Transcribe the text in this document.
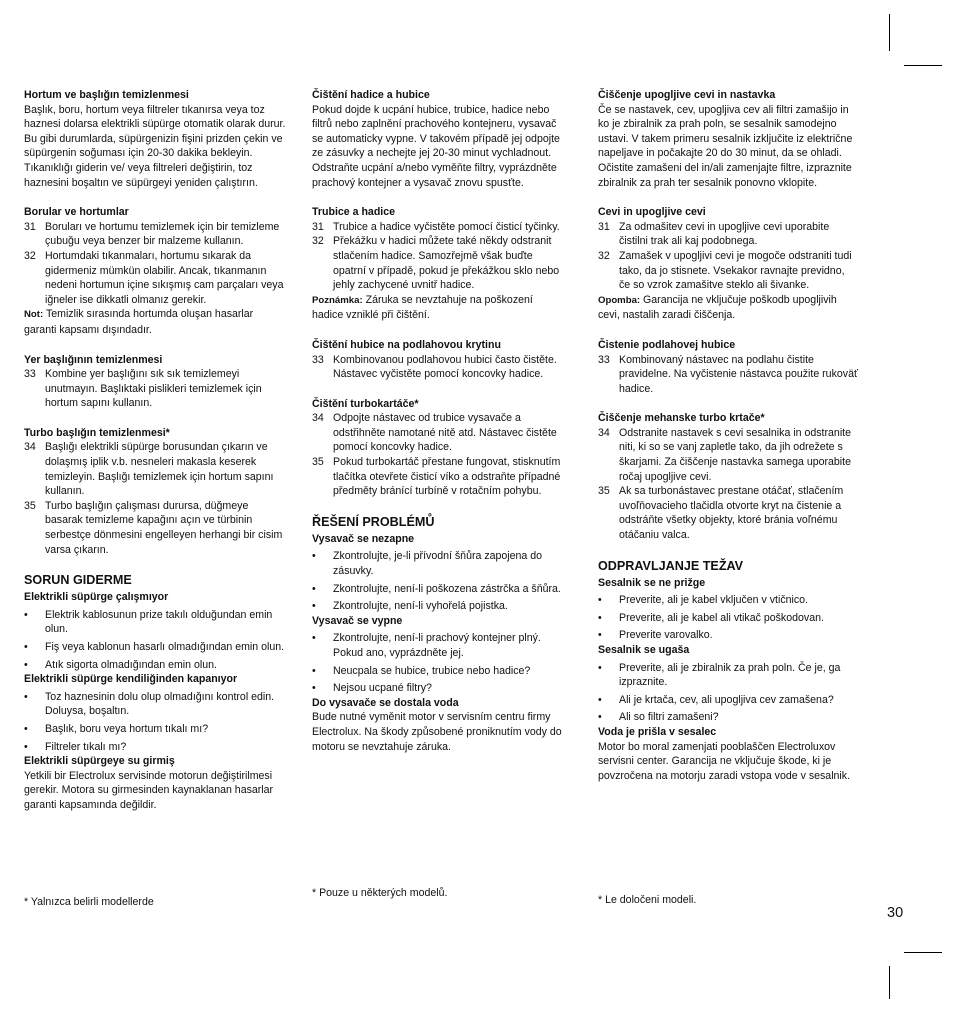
Hortum ve başlığın temizlenmesi
Başlık, boru, hortum veya filtreler tıkanırsa veya toz haznesi dolarsa elektrikli süpürge otomatik olarak durur. Bu gibi durumlarda, süpürgenizin fişini prizden çekin ve süpürgenin soğuması için 20-30 dakika bekleyin. Tıkanıklığı giderin ve/ veya filtreleri değiştirin, toz haznesini boşaltın ve süpürgeyi yeniden çalıştırın.
Borular ve hortumlar
31 Boruları ve hortumu temizlemek için bir temizleme çubuğu veya benzer bir malzeme kullanın.
32 Hortumdaki tıkanmaları, hortumu sıkarak da gidermeniz mümkün olabilir. Ancak, tıkanmanın nedeni hortumun içine sıkışmış cam parçaları veya iğneler ise dikkatli olmanız gerekir.
Not: Temizlik sırasında hortumda oluşan hasarlar garanti kapsamı dışındadır.
Yer başlığının temizlenmesi
33 Kombine yer başlığını sık sık temizlemeyi unutmayın. Başlıktaki pislikleri temizlemek için hortum sapını kullanın.
Turbo başlığın temizlenmesi*
34 Başlığı elektrikli süpürge borusundan çıkarın ve dolaşmış iplik v.b. nesneleri makasla keserek temizleyin. Başlığı temizlemek için hortum sapını kullanın.
35 Turbo başlığın çalışması durursa, düğmeye basarak temizleme kapağını açın ve türbinin serbestçe dönmesini engelleyen herhangi bir cisim varsa çıkarın.
SORUN GIDERME
Elektrikli süpürge çalışmıyor
• Elektrik kablosunun prize takılı olduğundan emin olun.
• Fiş veya kablonun hasarlı olmadığından emin olun.
• Atık sigorta olmadığından emin olun.
Elektrikli süpürge kendiliğinden kapanıyor
• Toz haznesinin dolu olup olmadığını kontrol edin. Doluysa, boşaltın.
• Başlık, boru veya hortum tıkalı mı?
• Filtreler tıkalı mı?
Elektrikli süpürgeye su girmiş
Yetkili bir Electrolux servisinde motorun değiştirilmesi gerekir. Motora su girmesinden kaynaklanan hasarlar garanti kapsamında değildir.
Čištění hadice a hubice
Pokud dojde k ucpání hubice, trubice, hadice nebo filtrů nebo zaplnění prachového kontejneru, vysavač se automaticky vypne. V takovém případě jej odpojte ze zásuvky a nechejte jej 20-30 minut vychladnout. Odstraňte ucpání a/nebo vyměňte filtry, vyprázdněte prachový kontejner a vysavač znovu spusťte.
Trubice a hadice
31 Trubice a hadice vyčistěte pomocí čisticí tyčinky.
32 Překážku v hadici můžete také někdy odstranit stlačením hadice. Samozřejmě však buďte opatrní v případě, pokud je překážkou sklo nebo jehly zachycené uvnitř hadice.
Poznámka: Záruka se nevztahuje na poškození hadice vzniklé při čištění.
Čištění hubice na podlahovou krytinu
33 Kombinovanou podlahovou hubici často čistěte. Nástavec vyčistěte pomocí koncovky hadice.
Čištění turbokartáče*
34 Odpojte nástavec od trubice vysavače a odstřihněte namotané nitě atd. Nástavec čistěte pomocí koncovky hadice.
35 Pokud turbokartáč přestane fungovat, stisknutím tlačítka otevřete čisticí víko a odstraňte případné předměty bránící turbíně v rotačním pohybu.
ŘEŠENÍ PROBLÉMŮ
Vysavač se nezapne
• Zkontrolujte, je-li přívodní šňůra zapojena do zásuvky.
• Zkontrolujte, není-li poškozena zástrčka a šňůra.
• Zkontrolujte, není-li vyhořelá pojistka.
Vysavač se vypne
• Zkontrolujte, není-li prachový kontejner plný. Pokud ano, vyprázdněte jej.
• Neucpala se hubice, trubice nebo hadice?
• Nejsou ucpané filtry?
Do vysavače se dostala voda
Bude nutné vyměnit motor v servisním centru firmy Electrolux. Na škody způsobené proniknutím vody do motoru se nevztahuje záruka.
Čiščenje upogljive cevi in nastavka
Če se nastavek, cev, upogljiva cev ali filtri zamašijo in ko je zbiralnik za prah poln, se sesalnik samodejno ustavi. V takem primeru sesalnik izključite iz električne napeljave in počakajte 20 do 30 minut, da se ohladi. Očistite zamašeni del in/ali zamenjajte filtre, izpraznite zbiralnik za prah ter sesalnik ponovno vklopite.
Cevi in upogljive cevi
31 Za odmašitev cevi in upogljive cevi uporabite čistilni trak ali kaj podobnega.
32 Zamašek v upogljivi cevi je mogoče odstraniti tudi tako, da jo stisnete. Vsekakor ravnajte previdno, če so vzrok zamašitve steklo ali šivanke.
Opomba: Garancija ne vključuje poškodb upogljivih cevi, nastalih zaradi čiščenja.
Čistenie podlahovej hubice
33 Kombinovaný nástavec na podlahu čistite pravidelne. Na vyčistenie nástavca použite rukoväť hadice.
Čiščenje mehanske turbo krtače*
34 Odstranite nastavek s cevi sesalnika in odstranite niti, ki so se vanj zapletle tako, da jih odrežete s škarjami. Za čiščenje nastavka samega uporabite ročaj upogljive cevi.
35 Ak sa turbonástavec prestane otáčať, stlačením uvoľňovacieho tlačidla otvorte kryt na čistenie a odstráňte všetky objekty, ktoré bránia voľnému otáčaniu valca.
ODPRAVLJANJE TEŽAV
Sesalnik se ne prižge
• Preverite, ali je kabel vključen v vtičnico.
• Preverite, ali je kabel ali vtikač poškodovan.
• Preverite varovalko.
Sesalnik se ugaša
• Preverite, ali je zbiralnik za prah poln. Če je, ga izpraznite.
• Ali je krtača, cev, ali upogljiva cev zamašena?
• Ali so filtri zamašeni?
Voda je prišla v sesalec
Motor bo moral zamenjati pooblaščen Electroluxov servisni center. Garancija ne vključuje škode, ki je povzročena na motorju zaradi vstopa vode v sesalnik.
* Yalnızca belirli modellerde
* Pouze u některých modelů.
* Le določeni modeli.
30
